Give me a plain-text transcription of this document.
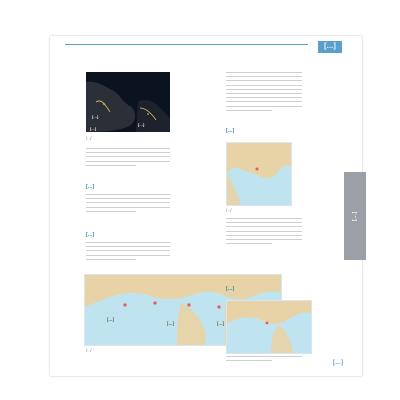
[…]
[…]
[…]
[…]
[…]
[…]
[…]
[…]
[…]
[…]
[…]
[…]	[…]
[…]
[…]
[…]
